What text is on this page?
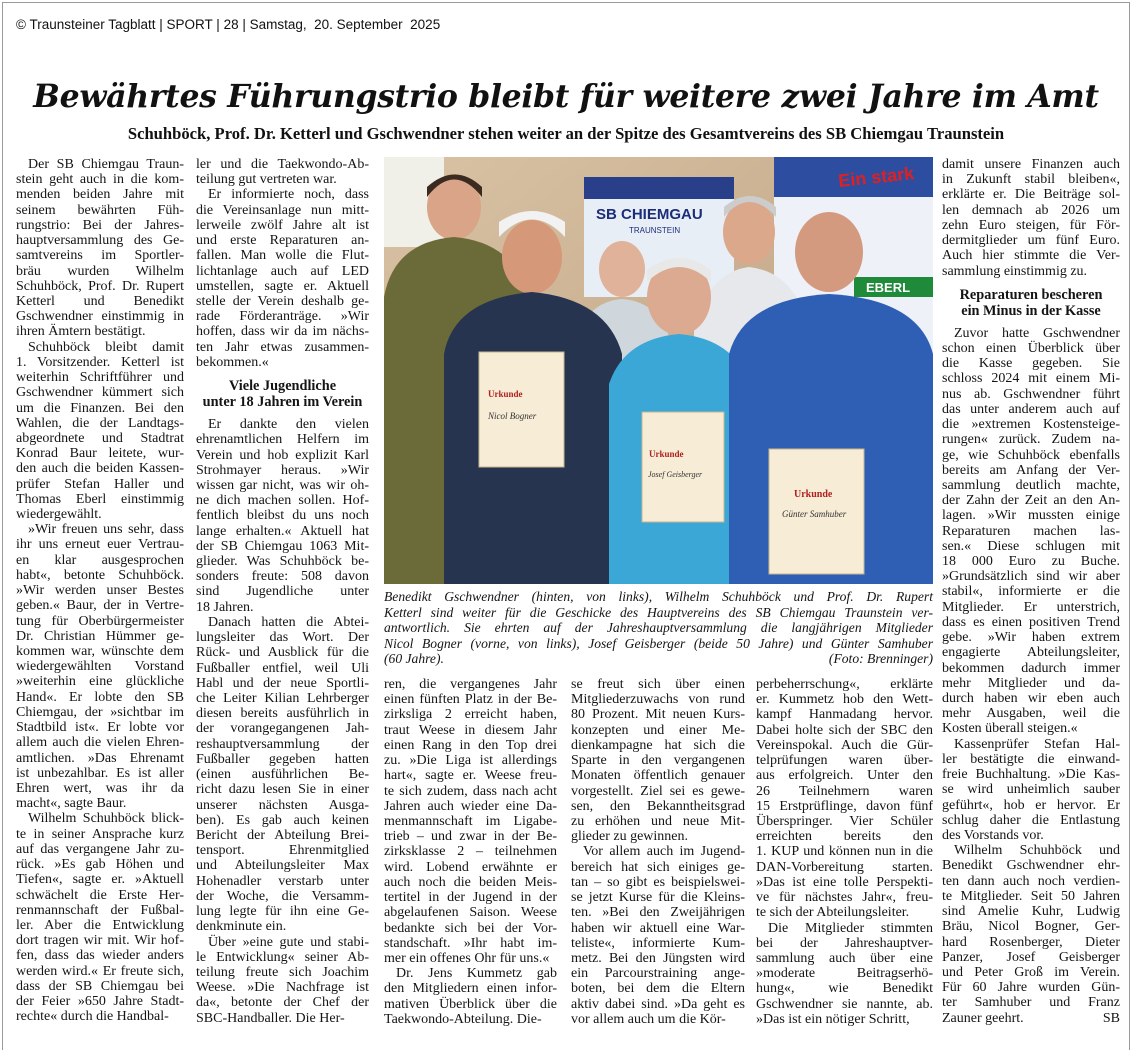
© Traunsteiner Tagblatt | SPORT | 28 | Samstag,  20. September  2025
Bewährtes Führungstrio bleibt für weitere zwei Jahre im Amt
Schuhböck, Prof. Dr. Ketterl und Gschwendner stehen weiter an der Spitze des Gesamtvereins des SB Chiemgau Traunstein
Der SB Chiemgau Traun-
stein geht auch in die kom-
menden beiden Jahre mit
seinem bewährten Füh-
rungstrio: Bei der Jahres-
hauptversammlung des Ge-
samtvereins im Sportler-
bräu wurden Wilhelm
Schuhböck, Prof. Dr. Rupert
Ketterl und Benedikt
Gschwendner einstimmig in
ihren Ämtern bestätigt.
Schuhböck bleibt damit
1. Vorsitzender. Ketterl ist
weiterhin Schriftführer und
Gschwendner kümmert sich
um die Finanzen. Bei den
Wahlen, die der Landtags-
abgeordnete und Stadtrat
Konrad Baur leitete, wur-
den auch die beiden Kassen-
prüfer Stefan Haller und
Thomas Eberl einstimmig
wiedergewählt.
»Wir freuen uns sehr, dass
ihr uns erneut euer Vertrau-
en klar ausgesprochen
habt«, betonte Schuhböck.
»Wir werden unser Bestes
geben.« Baur, der in Vertre-
tung für Oberbürgermeister
Dr. Christian Hümmer ge-
kommen war, wünschte dem
wiedergewählten Vorstand
»weiterhin eine glückliche
Hand«. Er lobte den SB
Chiemgau, der »sichtbar im
Stadtbild ist«. Er lobte vor
allem auch die vielen Ehren-
amtlichen. »Das Ehrenamt
ist unbezahlbar. Es ist aller
Ehren wert, was ihr da
macht«, sagte Baur.
Wilhelm Schuhböck blick-
te in seiner Ansprache kurz
auf das vergangene Jahr zu-
rück. »Es gab Höhen und
Tiefen«, sagte er. »Aktuell
schwächelt die Erste Her-
renmannschaft der Fußbal-
ler. Aber die Entwicklung
dort tragen wir mit. Wir hof-
fen, dass das wieder anders
werden wird.« Er freute sich,
dass der SB Chiemgau bei
der Feier »650 Jahre Stadt-
rechte« durch die Handbal-
ler und die Taekwondo-Ab-
teilung gut vertreten war.
Er informierte noch, dass
die Vereinsanlage nun mitt-
lerweile zwölf Jahre alt ist
und erste Reparaturen an-
fallen. Man wolle die Flut-
lichtanlage auch auf LED
umstellen, sagte er. Aktuell
stelle der Verein deshalb ge-
rade Förderanträge. »Wir
hoffen, dass wir da im nächs-
ten Jahr etwas zusammen-
bekommen.«
Viele Jugendliche
unter 18 Jahren im Verein
Er dankte den vielen
ehrenamtlichen Helfern im
Verein und hob explizit Karl
Strohmayer heraus. »Wir
wissen gar nicht, was wir oh-
ne dich machen sollen. Hof-
fentlich bleibst du uns noch
lange erhalten.« Aktuell hat
der SB Chiemgau 1063 Mit-
glieder. Was Schuhböck be-
sonders freute: 508 davon
sind Jugendliche unter
18 Jahren.
Danach hatten die Abtei-
lungsleiter das Wort. Der
Rück- und Ausblick für die
Fußballer entfiel, weil Uli
Habl und der neue Sportli-
che Leiter Kilian Lehrberger
diesen bereits ausführlich in
der vorangegangenen Jah-
reshauptversammlung der
Fußballer gegeben hatten
(einen ausführlichen Be-
richt dazu lesen Sie in einer
unserer nächsten Ausga-
ben). Es gab auch keinen
Bericht der Abteilung Brei-
tensport. Ehrenmitglied
und Abteilungsleiter Max
Hohenadler verstarb unter
der Woche, die Versamm-
lung legte für ihn eine Ge-
denkminute ein.
Über »eine gute und stabi-
le Entwicklung« seiner Ab-
teilung freute sich Joachim
Weese. »Die Nachfrage ist
da«, betonte der Chef der
SBC-Handballer. Die Her-
ren, die vergangenes Jahr
einen fünften Platz in der Be-
zirksliga 2 erreicht haben,
traut Weese in diesem Jahr
einen Rang in den Top drei
zu. »Die Liga ist allerdings
hart«, sagte er. Weese freu-
te sich zudem, dass nach acht
Jahren auch wieder eine Da-
menmannschaft im Ligabe-
trieb – und zwar in der Be-
zirksklasse 2 – teilnehmen
wird. Lobend erwähnte er
auch noch die beiden Meis-
tertitel in der Jugend in der
abgelaufenen Saison. Weese
bedankte sich bei der Vor-
standschaft. »Ihr habt im-
mer ein offenes Ohr für uns.«
Dr. Jens Kummetz gab
den Mitgliedern einen infor-
mativen Überblick über die
Taekwondo-Abteilung. Die-
se freut sich über einen
Mitgliederzuwachs von rund
80 Prozent. Mit neuen Kurs-
konzepten und einer Me-
dienkampagne hat sich die
Sparte in den vergangenen
Monaten öffentlich genauer
vorgestellt. Ziel sei es gewe-
sen, den Bekanntheitsgrad
zu erhöhen und neue Mit-
glieder zu gewinnen.
Vor allem auch im Jugend-
bereich hat sich einiges ge-
tan – so gibt es beispielswei-
se jetzt Kurse für die Kleins-
ten. »Bei den Zweijährigen
haben wir aktuell eine War-
teliste«, informierte Kum-
metz. Bei den Jüngsten wird
ein Parcourstraining ange-
boten, bei dem die Eltern
aktiv dabei sind. »Da geht es
vor allem auch um die Kör-
perbeherrschung«, erklärte
er. Kummetz hob den Wett-
kampf Hanmadang hervor.
Dabei holte sich der SBC den
Vereinspokal. Auch die Gür-
telprüfungen waren über-
aus erfolgreich. Unter den
26 Teilnehmern waren
15 Erstprüflinge, davon fünf
Überspringer. Vier Schüler
erreichten bereits den
1. KUP und können nun in die
DAN-Vorbereitung starten.
»Das ist eine tolle Perspekti-
ve für nächstes Jahr«, freu-
te sich der Abteilungsleiter.
Die Mitglieder stimmten
bei der Jahreshauptver-
sammlung auch über eine
»moderate Beitragserhö-
hung«, wie Benedikt
Gschwendner sie nannte, ab.
»Das ist ein nötiger Schritt,
damit unsere Finanzen auch
in Zukunft stabil bleiben«,
erklärte er. Die Beiträge sol-
len demnach ab 2026 um
zehn Euro steigen, für För-
dermitglieder um fünf Euro.
Auch hier stimmte die Ver-
sammlung einstimmig zu.
Reparaturen bescheren
ein Minus in der Kasse
Zuvor hatte Gschwendner
schon einen Überblick über
die Kasse gegeben. Sie
schloss 2024 mit einem Mi-
nus ab. Gschwendner führt
das unter anderem auch auf
die »extremen Kostensteige-
rungen« zurück. Zudem na-
ge, wie Schuhböck ebenfalls
bereits am Anfang der Ver-
sammlung deutlich machte,
der Zahn der Zeit an den An-
lagen. »Wir mussten einige
Reparaturen machen las-
sen.« Diese schlugen mit
18 000 Euro zu Buche.
»Grundsätzlich sind wir aber
stabil«, informierte er die
Mitglieder. Er unterstrich,
dass es einen positiven Trend
gebe. »Wir haben extrem
engagierte Abteilungsleiter,
bekommen dadurch immer
mehr Mitglieder und da-
durch haben wir eben auch
mehr Ausgaben, weil die
Kosten überall steigen.«
Kassenprüfer Stefan Hal-
ler bestätigte die einwand-
freie Buchhaltung. »Die Kas-
se wird unheimlich sauber
geführt«, hob er hervor. Er
schlug daher die Entlastung
des Vorstands vor.
Wilhelm Schuhböck und
Benedikt Gschwendner ehr-
ten dann auch noch verdien-
te Mitglieder. Seit 50 Jahren
sind Amelie Kuhr, Ludwig
Bräu, Nicol Bogner, Ger-
hard Rosenberger, Dieter
Panzer, Josef Geisberger
und Peter Groß im Verein.
Für 60 Jahre wurden Gün-
ter Samhuber und Franz
Zauner geehrt.	SB
SB CHIEMGAU
TRAUNSTEIN
Ein stark
EBERL
Urkunde
Nicol Bogner
Urkunde
Josef Geisberger
Urkunde
Günter Samhuber
Benedikt Gschwendner (hinten, von links), Wilhelm Schuhböck und Prof. Dr. Rupert
Ketterl sind weiter für die Geschicke des Hauptvereins des SB Chiemgau Traunstein ver-
antwortlich. Sie ehrten auf der Jahreshauptversammlung die langjährigen Mitglieder
Nicol Bogner (vorne, von links), Josef Geisberger (beide 50 Jahre) und Günter Samhuber
(60 Jahre).	(Foto: Brenninger)
